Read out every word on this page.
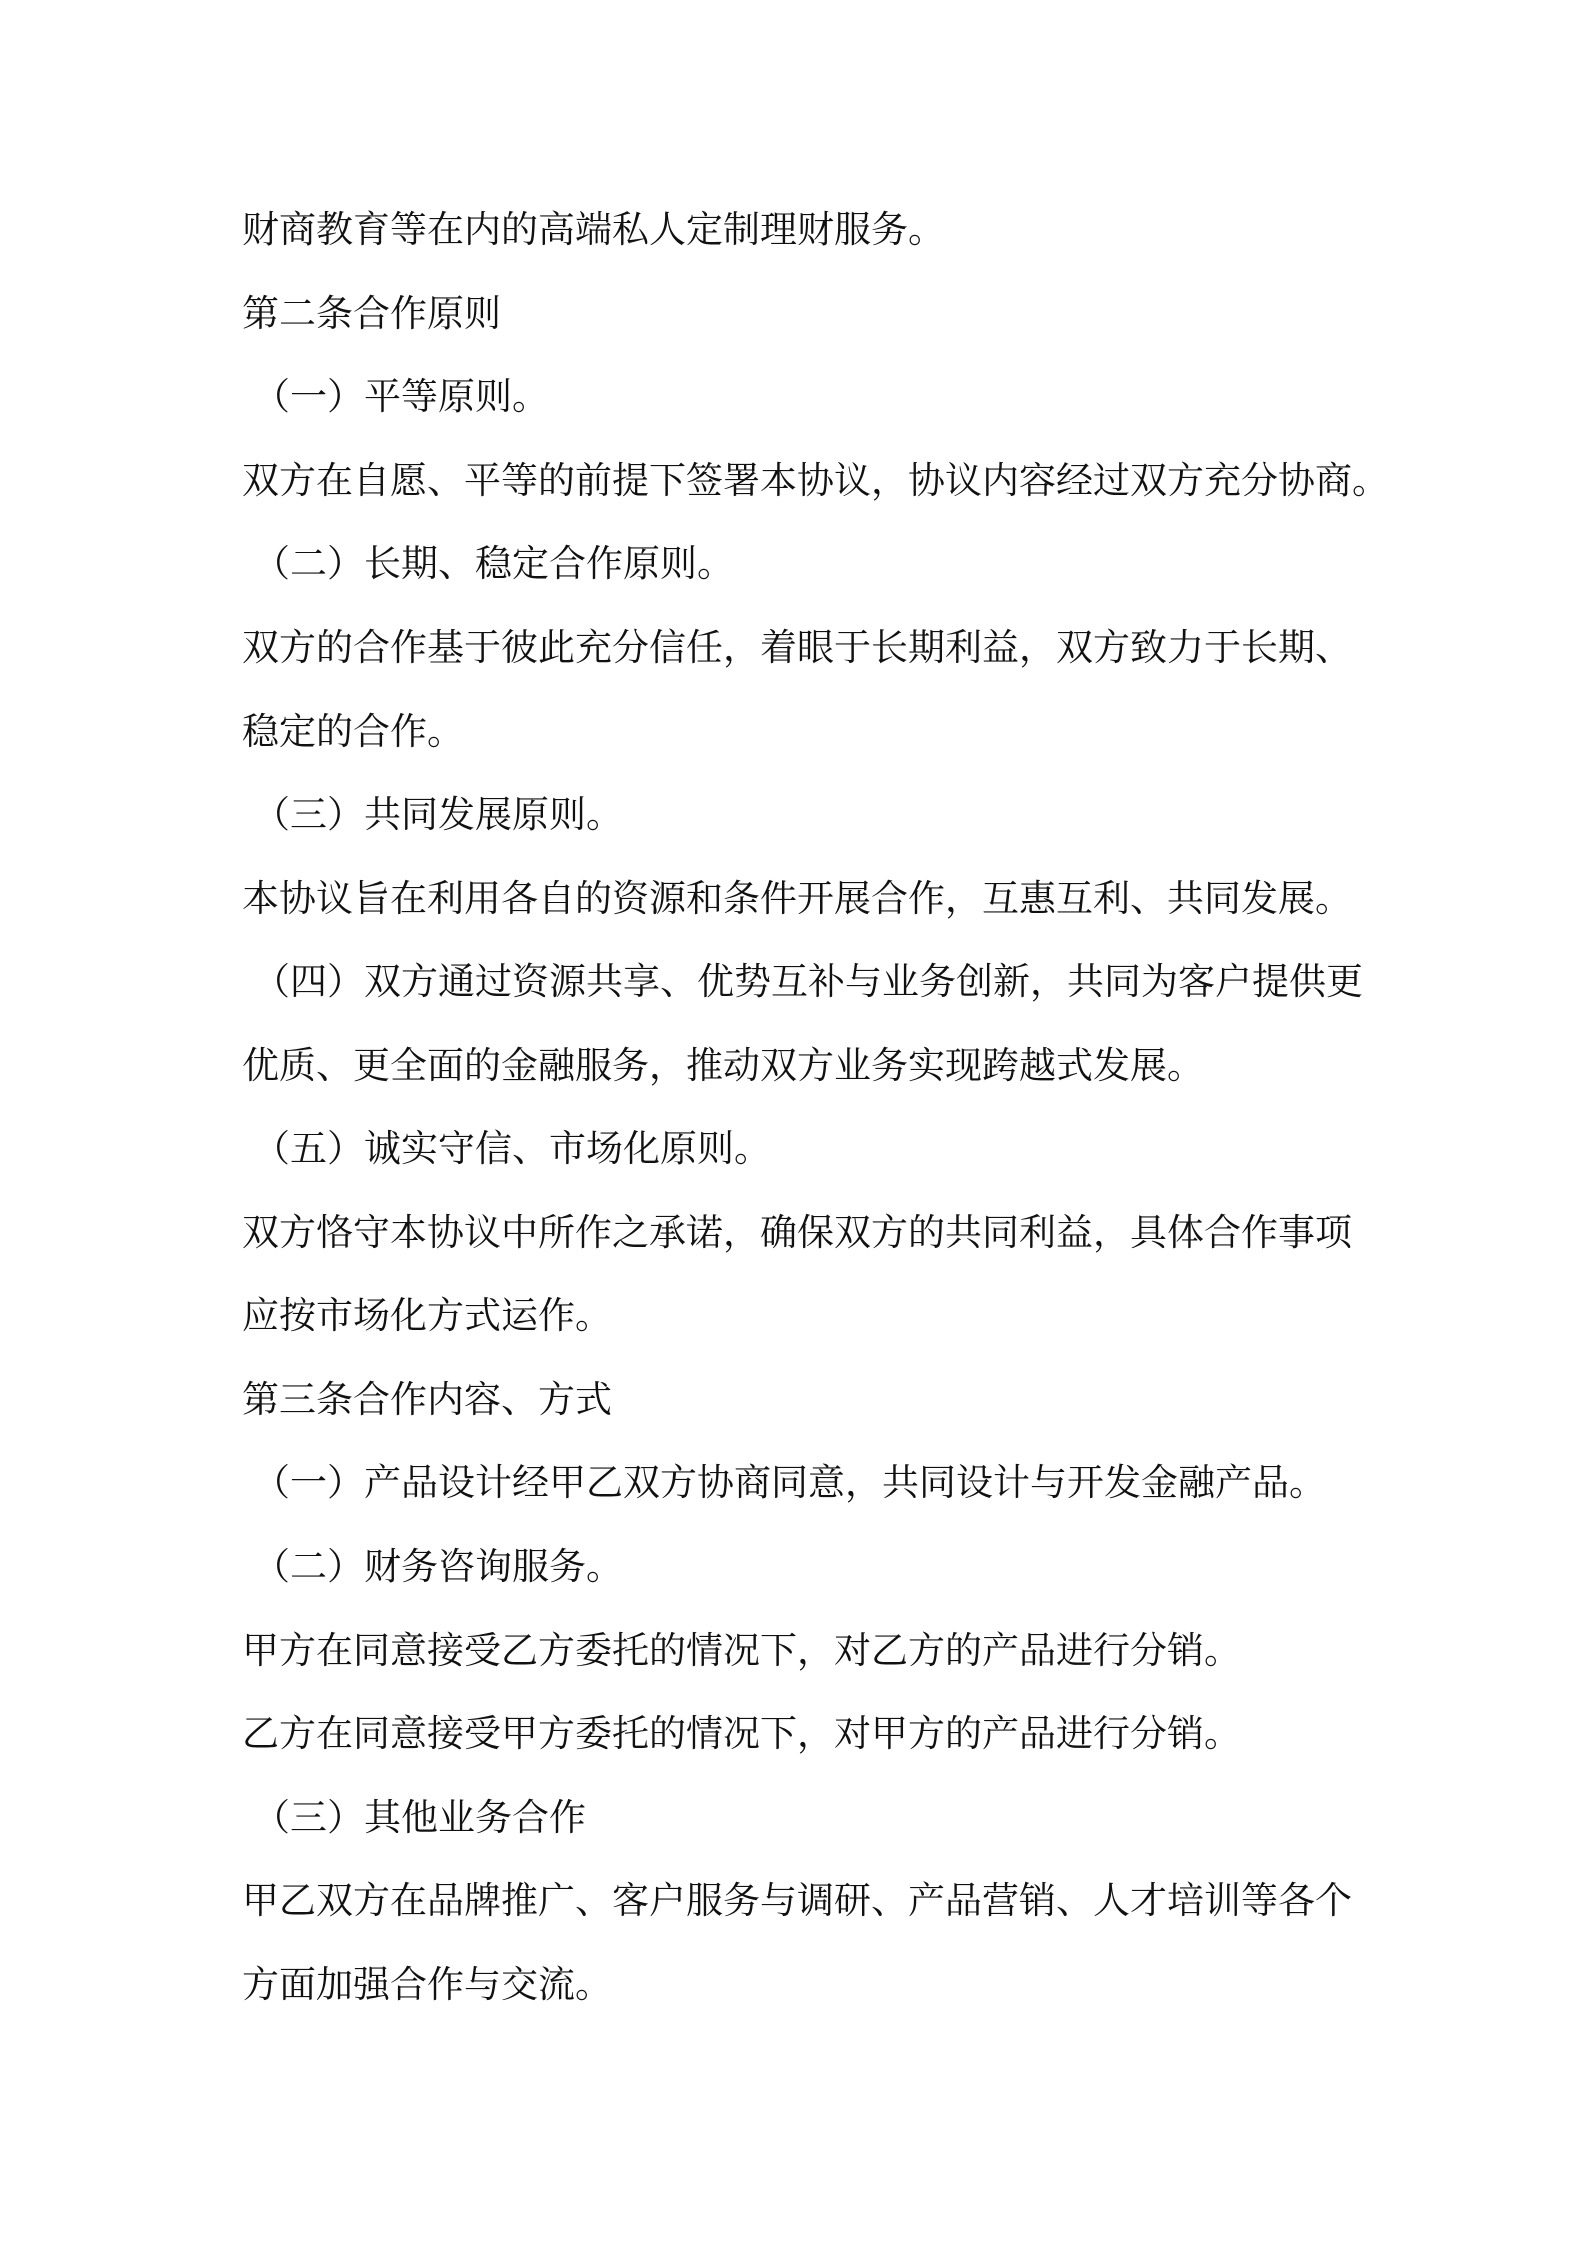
财商教育等在内的高端私人定制理财服务。
第二条合作原则
（一）平等原则。
双方在自愿、平等的前提下签署本协议，协议内容经过双方充分协商。
（二）长期、稳定合作原则。
双方的合作基于彼此充分信任，着眼于长期利益，双方致力于长期、
稳定的合作。
（三）共同发展原则。
本协议旨在利用各自的资源和条件开展合作，互惠互利、共同发展。
（四）双方通过资源共享、优势互补与业务创新，共同为客户提供更
优质、更全面的金融服务，推动双方业务实现跨越式发展。
（五）诚实守信、市场化原则。
双方恪守本协议中所作之承诺，确保双方的共同利益，具体合作事项
应按市场化方式运作。
第三条合作内容、方式
（一）产品设计经甲乙双方协商同意，共同设计与开发金融产品。
（二）财务咨询服务。
甲方在同意接受乙方委托的情况下，对乙方的产品进行分销。
乙方在同意接受甲方委托的情况下，对甲方的产品进行分销。
（三）其他业务合作
甲乙双方在品牌推广、客户服务与调研、产品营销、人才培训等各个
方面加强合作与交流。
